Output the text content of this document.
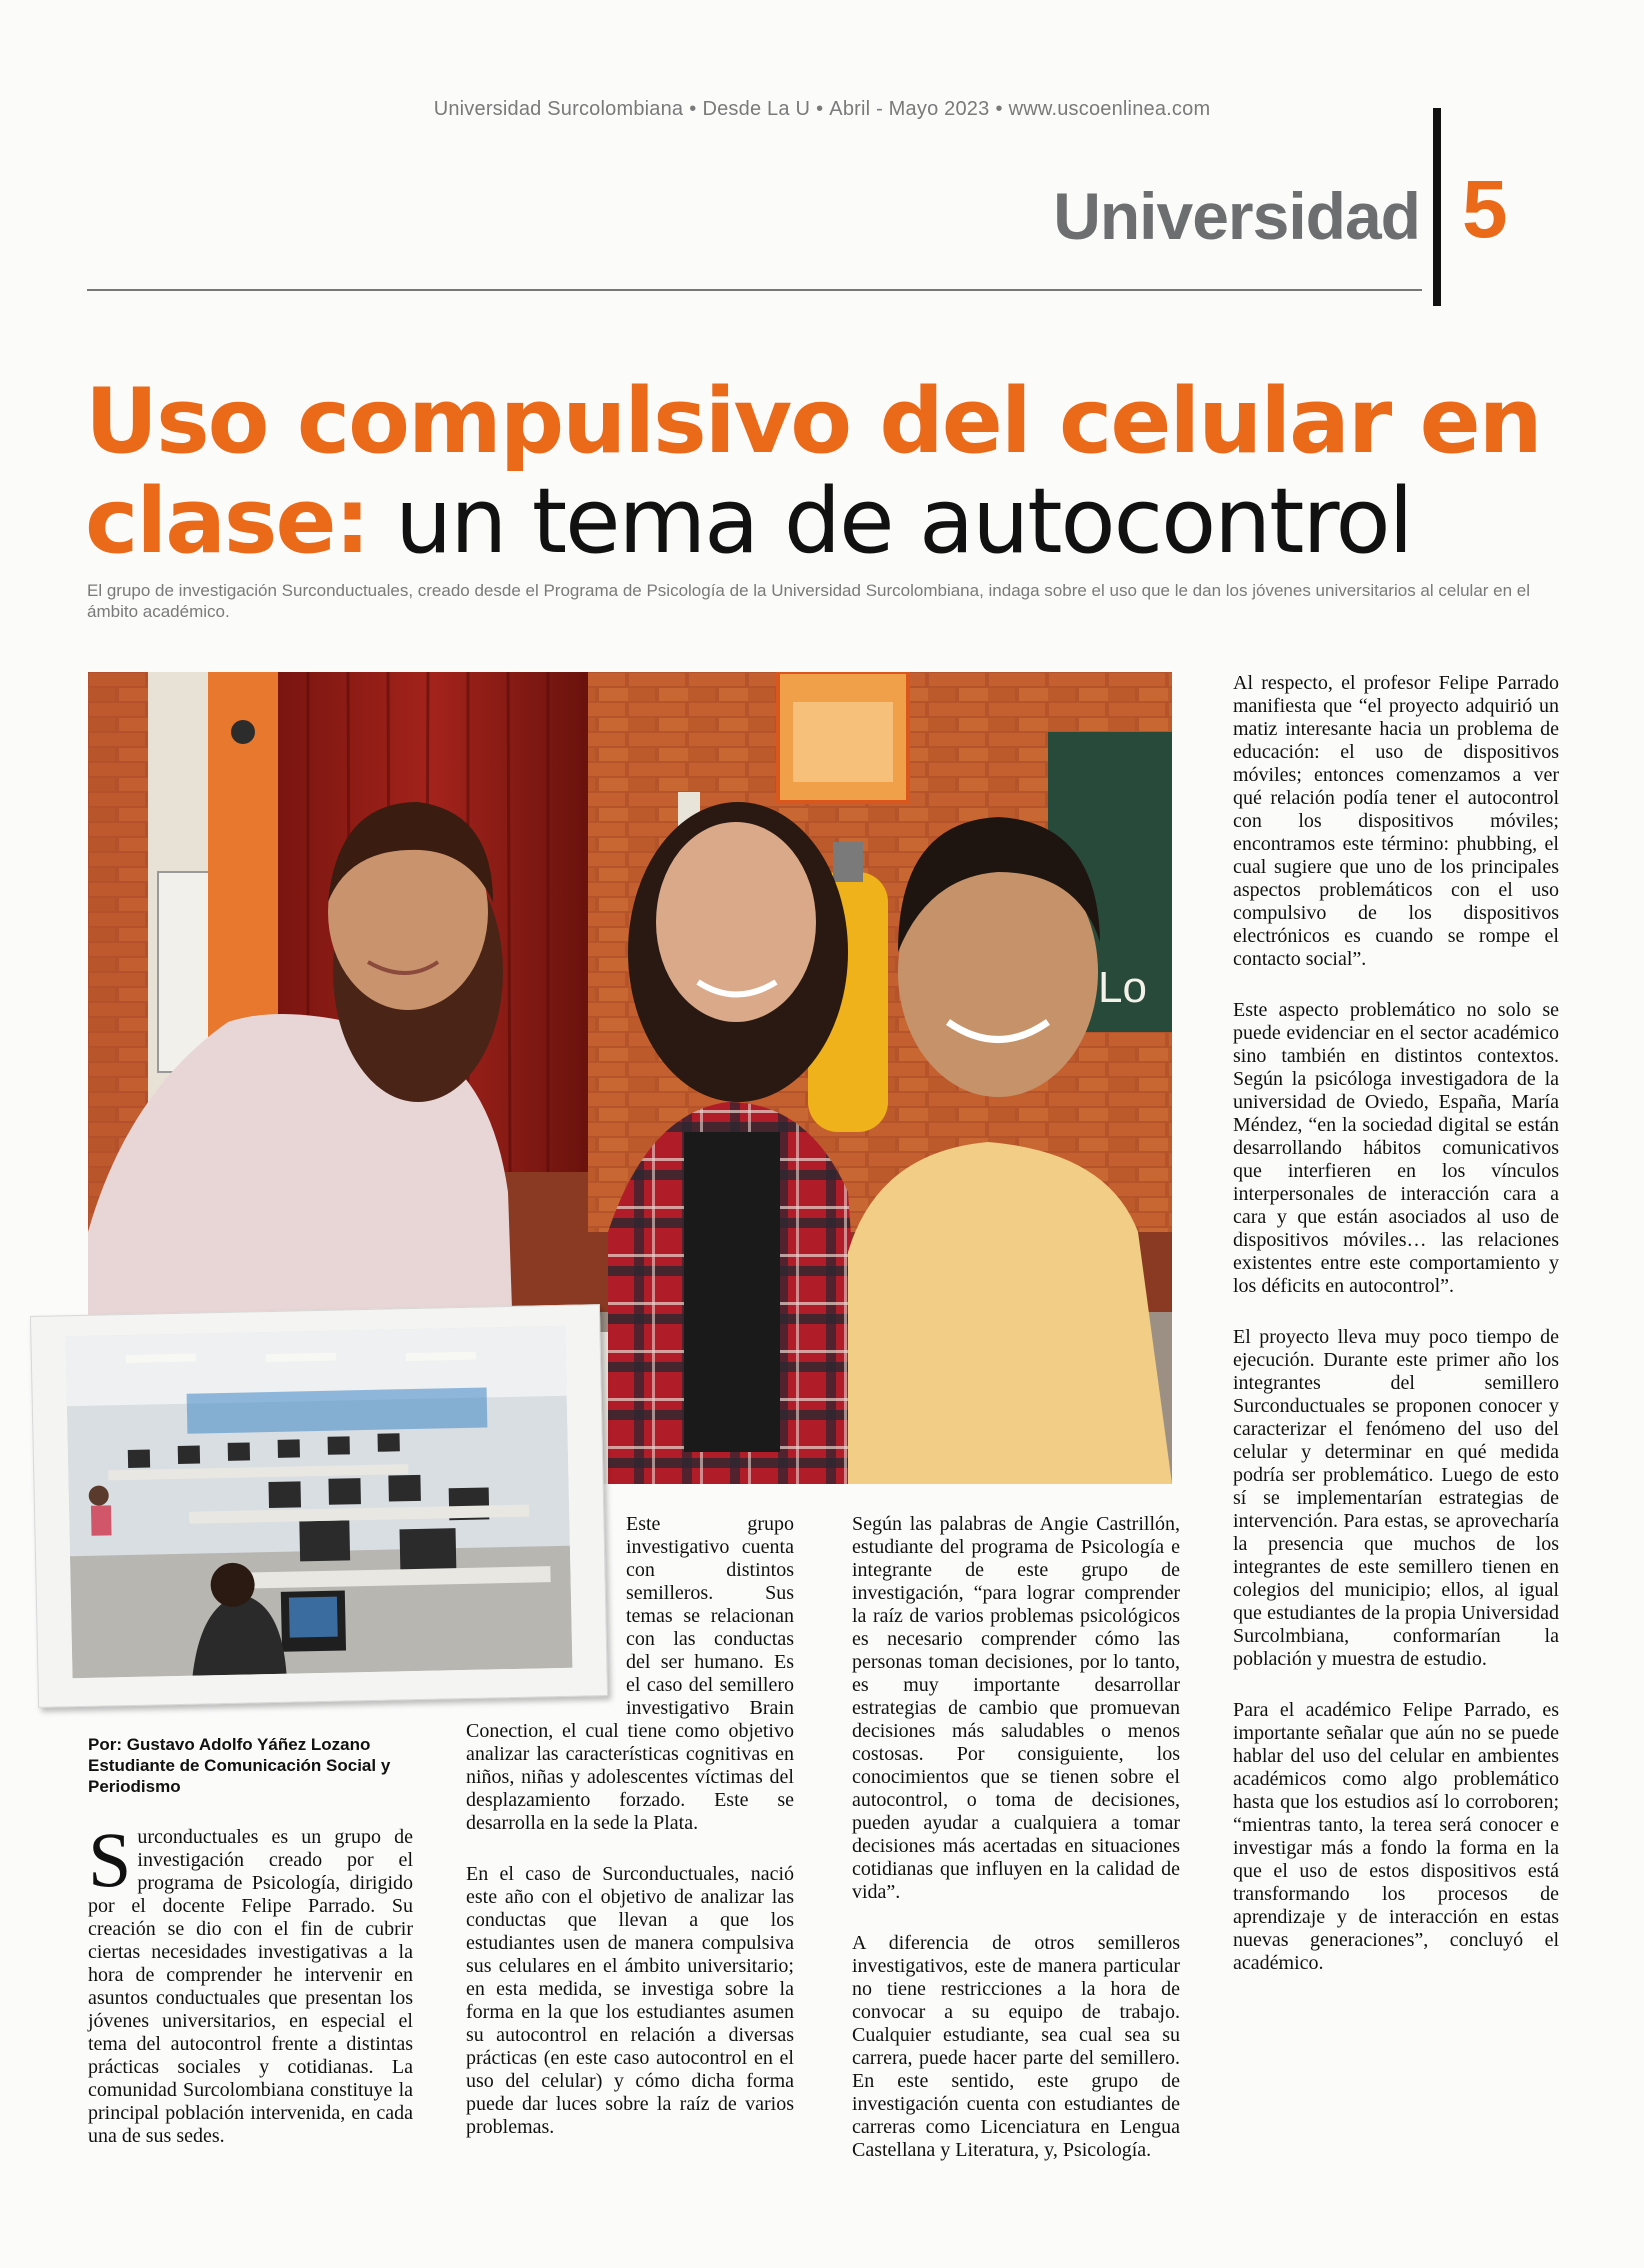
Universidad Surcolombiana • Desde La U • Abril - Mayo 2023 • www.uscoenlinea.com
Universidad 5
Uso compulsivo del celular en
clase: un tema de autocontrol
El grupo de investigación Surconductuales, creado desde el Programa de Psicología de la Universidad Surcolombiana, indaga sobre el uso que le dan los jóvenes universitarios al celular en el ámbito académico.
Lo
Por: Gustavo Adolfo Yáñez Lozano
Estudiante de Comunicación Social y Periodismo

Surconductuales es un grupo de investigación creado por el programa de Psicología, dirigido por el docente Felipe Parrado. Su creación se dio con el fin de cubrir ciertas necesidades investigativas a la hora de comprender he intervenir en asuntos conductuales que presentan los jóvenes universitarios, en especial el tema del autocontrol frente a distintas prácticas sociales y cotidianas. La comunidad Surcolombiana constituye la principal población intervenida, en cada una de sus sedes.

Este grupo investigativo cuenta con distintos semilleros. Sus temas se relacionan con las conductas del ser humano. Es el caso del semillero investigativo Brain Conection, el cual tiene como objetivo analizar las características cognitivas en niños, niñas y adolescentes víctimas del desplazamiento forzado. Este se desarrolla en la sede la Plata.

En el caso de Surconductuales, nació este año con el objetivo de analizar las conductas que llevan a que los estudiantes usen de manera compulsiva sus celulares en el ámbito universitario; en esta medida, se investiga sobre la forma en la que los estudiantes asumen su autocontrol en relación a diversas prácticas (en este caso autocontrol en el uso del celular) y cómo dicha forma puede dar luces sobre la raíz de varios problemas.

Según las palabras de Angie Castrillón, estudiante del programa de Psicología e integrante de este grupo de investigación, “para lograr comprender la raíz de varios problemas psicológicos es necesario comprender cómo las personas toman decisiones, por lo tanto, es muy importante desarrollar estrategias de cambio que promuevan decisiones más saludables o menos costosas. Por consiguiente, los conocimientos que se tienen sobre el autocontrol, o toma de decisiones, pueden ayudar a cualquiera a tomar decisiones más acertadas en situaciones cotidianas que influyen en la calidad de vida”.

A diferencia de otros semilleros investigativos, este de manera particular no tiene restricciones a la hora de convocar a su equipo de trabajo. Cualquier estudiante, sea cual sea su carrera, puede hacer parte del semillero. En este sentido, este grupo de investigación cuenta con estudiantes de carreras como Licenciatura en Lengua Castellana y Literatura, y, Psicología.

Al respecto, el profesor Felipe Parrado manifiesta que “el proyecto adquirió un matiz interesante hacia un problema de educación: el uso de dispositivos móviles; entonces comenzamos a ver qué relación podía tener el autocontrol con los dispositivos móviles; encontramos este término: phubbing, el cual sugiere que uno de los principales aspectos problemáticos con el uso compulsivo de los dispositivos electrónicos es cuando se rompe el contacto social”.

Este aspecto problemático no solo se puede evidenciar en el sector académico sino también en distintos contextos. Según la psicóloga investigadora de la universidad de Oviedo, España, María Méndez, “en la sociedad digital se están desarrollando hábitos comunicativos que interfieren en los vínculos interpersonales de interacción cara a cara y que están asociados al uso de dispositivos móviles… las relaciones existentes entre este comportamiento y los déficits en autocontrol”.

El proyecto lleva muy poco tiempo de ejecución. Durante este primer año los integrantes del semillero Surconductuales se proponen conocer y caracterizar el fenómeno del uso del celular y determinar en qué medida podría ser problemático. Luego de esto sí se implementarían estrategias de intervención. Para estas, se aprovecharía la presencia que muchos de los integrantes de este semillero tienen en colegios del municipio; ellos, al igual que estudiantes de la propia Universidad Surcolmbiana, conformarían la población y muestra de estudio.

Para el académico Felipe Parrado, es importante señalar que aún no se puede hablar del uso del celular en ambientes académicos como algo problemático hasta que los estudios así lo corroboren; “mientras tanto, la terea será conocer e investigar más a fondo la forma en la que el uso de estos dispositivos está transformando los procesos de aprendizaje y de interacción en estas nuevas generaciones”, concluyó el académico.
